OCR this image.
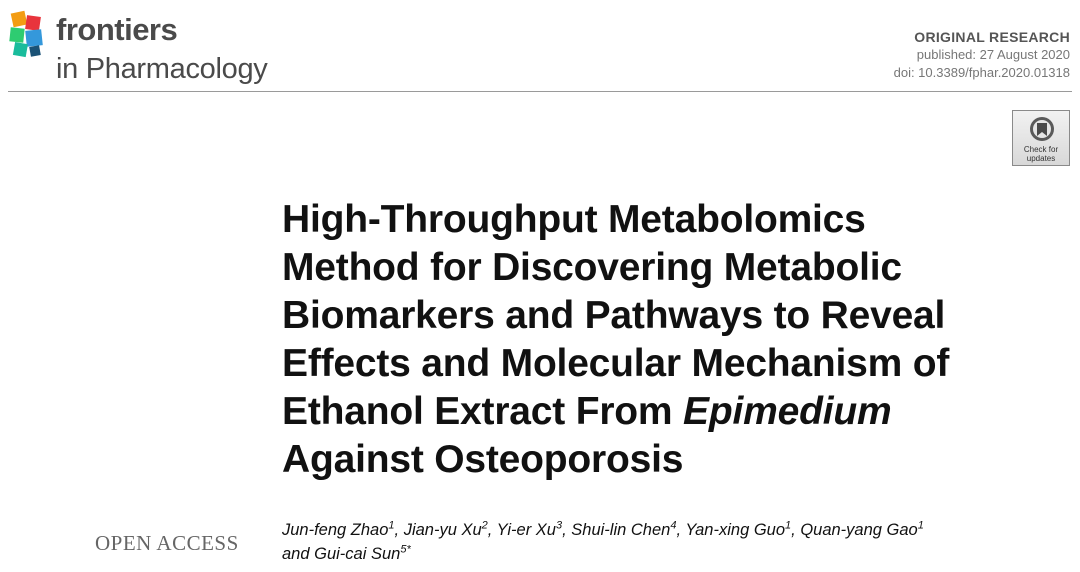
frontiers
in Pharmacology
ORIGINAL RESEARCH
published: 27 August 2020
doi: 10.3389/fphar.2020.01318
Check for
updates
High-Throughput Metabolomics
Method for Discovering Metabolic
Biomarkers and Pathways to Reveal
Effects and Molecular Mechanism of
Ethanol Extract From Epimedium
Against Osteoporosis
OPEN ACCESS
Jun-feng Zhao$^1$, Jian-yu Xu$^2$, Yi-er Xu$^3$, Shui-lin Chen$^4$, Yan-xing Guo$^1$, Quan-yang Gao$^1$
and Gui-cai Sun$^{5*}$
